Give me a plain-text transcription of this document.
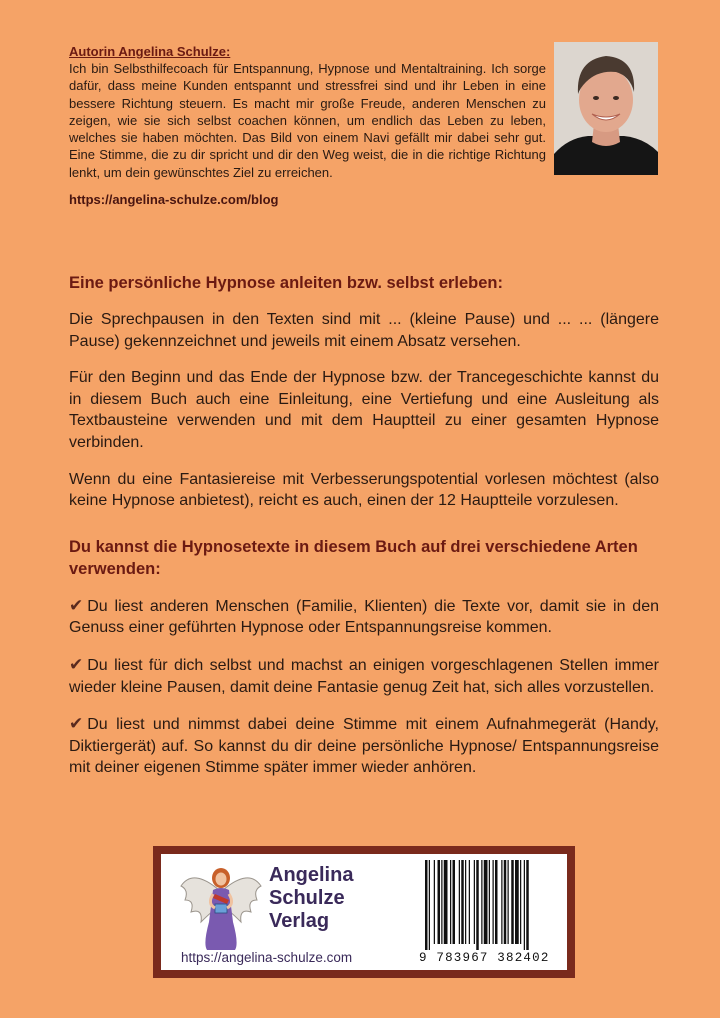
Autorin Angelina Schulze:
Ich bin Selbsthilfecoach für Entspannung, Hypnose und Mentaltraining. Ich sorge dafür, dass meine Kunden entspannt und stressfrei sind und ihr Leben in eine bessere Richtung steuern. Es macht mir große Freude, anderen Menschen zu zeigen, wie sie sich selbst coachen können, um endlich das Leben zu leben, welches sie haben möchten. Das Bild von einem Navi gefällt mir dabei sehr gut. Eine Stimme, die zu dir spricht und dir den Weg weist, die in die richtige Richtung lenkt, um dein gewünschtes Ziel zu erreichen.
https://angelina-schulze.com/blog
Eine persönliche Hypnose anleiten bzw. selbst erleben:

Die Sprechpausen in den Texten sind mit ... (kleine Pause) und ... ... (längere Pause) gekennzeichnet und jeweils mit einem Absatz versehen.

Für den Beginn und das Ende der Hypnose bzw. der Trancegeschichte kannst du in diesem Buch auch eine Einleitung, eine Vertiefung und eine Ausleitung als Textbausteine verwenden und mit dem Hauptteil zu einer gesamten Hypnose verbinden.

Wenn du eine Fantasiereise mit Verbesserungspotential vorlesen möchtest (also keine Hypnose anbietest), reicht es auch, einen der 12 Hauptteile vorzulesen.

Du kannst die Hypnosetexte in diesem Buch auf drei verschiedene Arten verwenden:

✔ Du liest anderen Menschen (Familie, Klienten) die Texte vor, damit sie in den Genuss einer geführten Hypnose oder Entspannungsreise kommen.

✔ Du liest für dich selbst und machst an einigen vorgeschlagenen Stellen immer wieder kleine Pausen, damit deine Fantasie genug Zeit hat, sich alles vorzustellen.

✔ Du liest und nimmst dabei deine Stimme mit einem Aufnahmegerät (Handy, Diktiergerät) auf. So kannst du dir deine persönliche Hypnose/ Entspannungsreise mit deiner eigenen Stimme später immer wieder anhören.

Angelina
Schulze
Verlag
https://angelina-schulze.com	9 783967 382402
